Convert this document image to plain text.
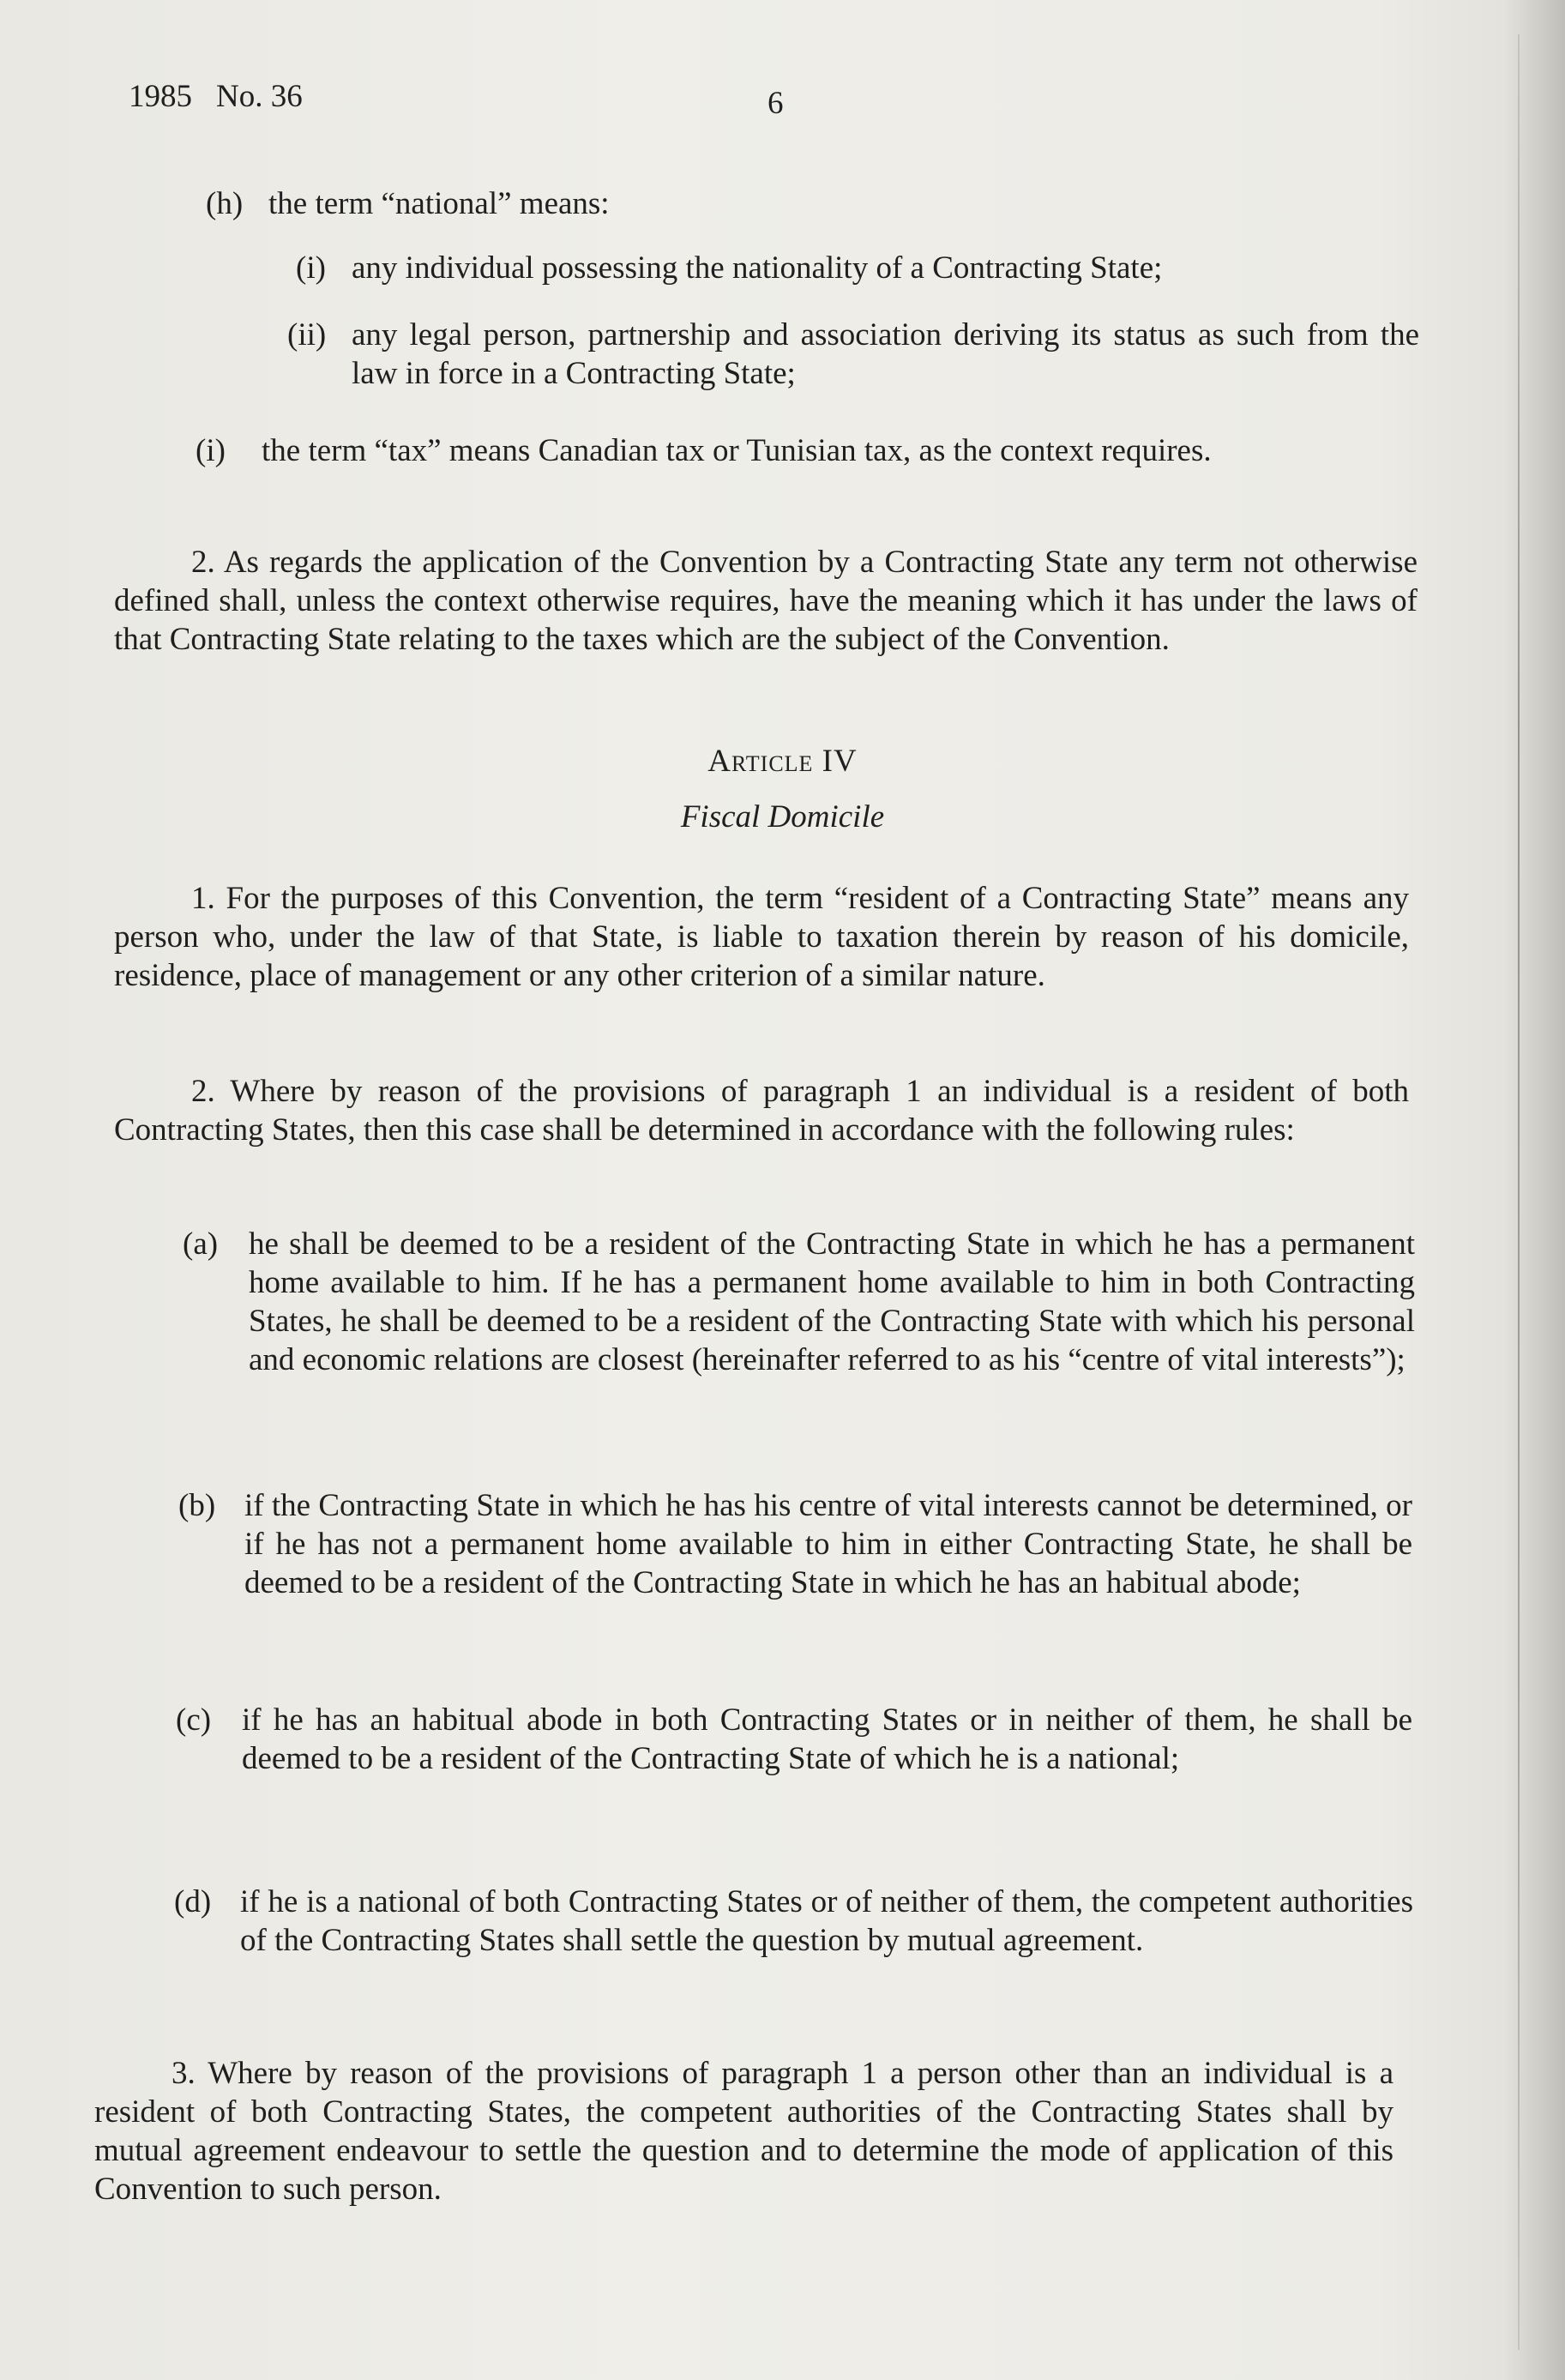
1985 No. 36	6
(h) the term “national” means:
(i) any individual possessing the nationality of a Contracting State;
(ii) any legal person, partnership and association deriving its status as such from the law in force in a Contracting State;
(i) the term “tax” means Canadian tax or Tunisian tax, as the context requires.
2. As regards the application of the Convention by a Contracting State any term not otherwise defined shall, unless the context otherwise requires, have the meaning which it has under the laws of that Contracting State relating to the taxes which are the subject of the Convention.
Article IV
Fiscal Domicile
1. For the purposes of this Convention, the term “resident of a Contracting State” means any person who, under the law of that State, is liable to taxation therein by reason of his domicile, residence, place of management or any other criterion of a similar nature.
2. Where by reason of the provisions of paragraph 1 an individual is a resident of both Contracting States, then this case shall be determined in accordance with the following rules:
(a) he shall be deemed to be a resident of the Contracting State in which he has a permanent home available to him. If he has a permanent home available to him in both Contracting States, he shall be deemed to be a resident of the Contracting State with which his personal and economic relations are closest (hereinafter referred to as his “centre of vital interests”);
(b) if the Contracting State in which he has his centre of vital interests cannot be determined, or if he has not a permanent home available to him in either Contracting State, he shall be deemed to be a resident of the Contracting State in which he has an habitual abode;
(c) if he has an habitual abode in both Contracting States or in neither of them, he shall be deemed to be a resident of the Contracting State of which he is a national;
(d) if he is a national of both Contracting States or of neither of them, the competent authorities of the Contracting States shall settle the question by mutual agreement.
3. Where by reason of the provisions of paragraph 1 a person other than an individual is a resident of both Contracting States, the competent authorities of the Contracting States shall by mutual agreement endeavour to settle the question and to determine the mode of application of this Convention to such person.
